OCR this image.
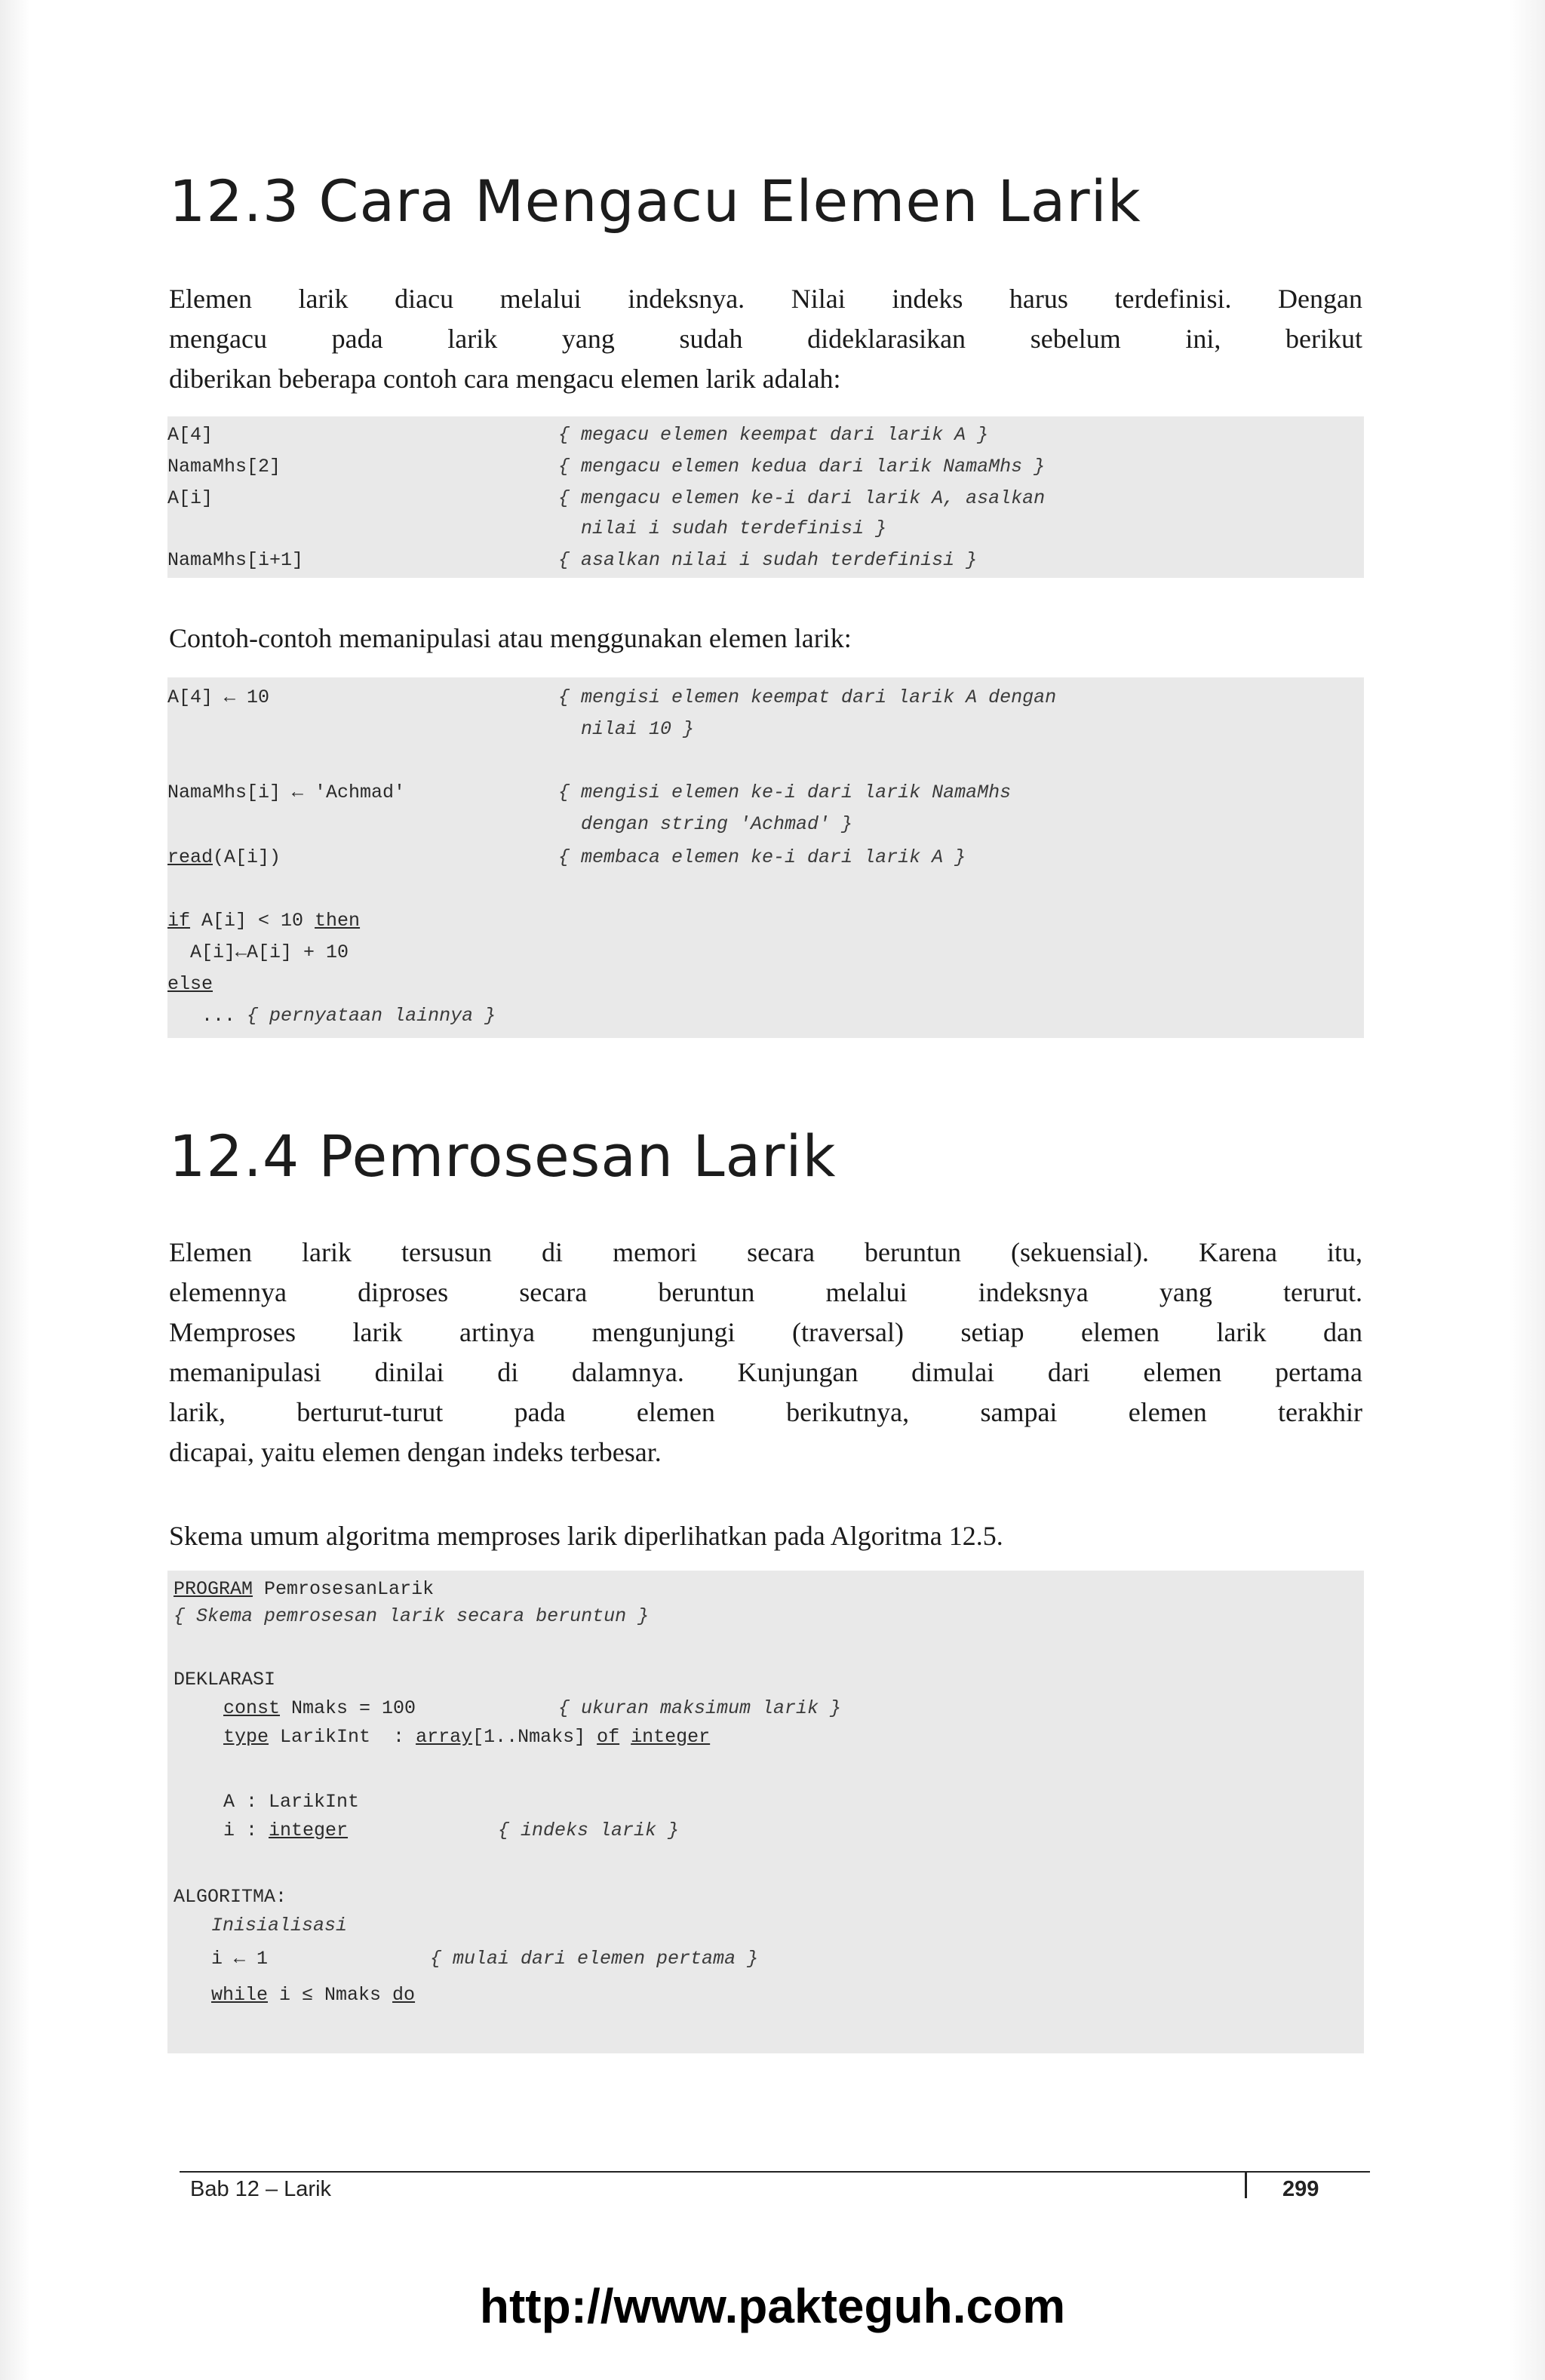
12.3 Cara Mengacu Elemen Larik
Elemen larik diacu melalui indeksnya. Nilai indeks harus terdefinisi. Dengan
mengacu pada larik yang sudah dideklarasikan sebelum ini, berikut
diberikan beberapa contoh cara mengacu elemen larik adalah:
A[4]	{ megacu elemen keempat dari larik A }
NamaMhs[2]	{ mengacu elemen kedua dari larik NamaMhs }
A[i]	{ mengacu elemen ke-i dari larik A, asalkan
nilai i sudah terdefinisi }
NamaMhs[i+1]	{ asalkan nilai i sudah terdefinisi }

Contoh-contoh memanipulasi atau menggunakan elemen larik:

A[4] ← 10	{ mengisi elemen keempat dari larik A dengan
nilai 10 }
NamaMhs[i] ← 'Achmad'	{ mengisi elemen ke-i dari larik NamaMhs
dengan string 'Achmad' }
read(A[i])	{ membaca elemen ke-i dari larik A }
if A[i] < 10 then
A[i]←A[i] + 10
else
... { pernyataan lainnya }
12.4 Pemrosesan Larik
Elemen larik tersusun di memori secara beruntun (sekuensial). Karena itu,
elemennya diproses secara beruntun melalui indeksnya yang terurut.
Memproses larik artinya mengunjungi (traversal) setiap elemen larik dan
memanipulasi dinilai di dalamnya. Kunjungan dimulai dari elemen pertama
larik, berturut-turut pada elemen berikutnya, sampai elemen terakhir
dicapai, yaitu elemen dengan indeks terbesar.

Skema umum algoritma memproses larik diperlihatkan pada Algoritma 12.5.

PROGRAM PemrosesanLarik
{ Skema pemrosesan larik secara beruntun }
DEKLARASI
const Nmaks = 100	{ ukuran maksimum larik }
type LarikInt  : array[1..Nmaks] of integer
A : LarikInt
i : integer	{ indeks larik }
ALGORITMA:
Inisialisasi
i ← 1	{ mulai dari elemen pertama }
while i ≤ Nmaks do
Bab 12 – Larik	299
http://www.pakteguh.com
